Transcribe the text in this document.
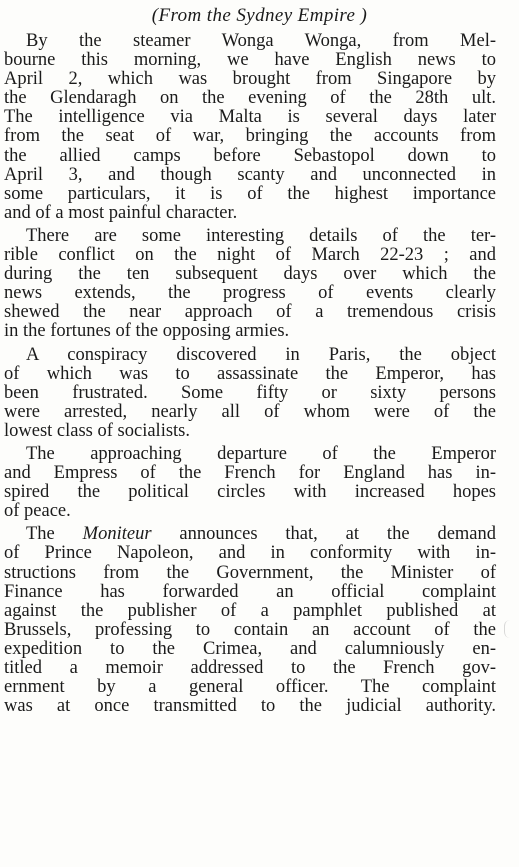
(From the Sydney Empire )
By the steamer Wonga Wonga, from Mel-
bourne this morning, we have English news to
April 2, which was brought from Singapore by
the Glendaragh on the evening of the 28th ult.
The intelligence via Malta is several days later
from the seat of war, bringing the accounts from
the allied camps before Sebastopol down to
April 3, and though scanty and unconnected in
some particulars, it is of the highest importance
and of a most painful character.
There are some interesting details of the ter-
rible conflict on the night of March 22-23 ; and
during the ten subsequent days over which the
news extends, the progress of events clearly
shewed the near approach of a tremendous crisis
in the fortunes of the opposing armies.
A conspiracy discovered in Paris, the object
of which was to assassinate the Emperor, has
been frustrated. Some fifty or sixty persons
were arrested, nearly all of whom were of the
lowest class of socialists.
The approaching departure of the Emperor
and Empress of the French for England has in-
spired the political circles with increased hopes
of peace.
The Moniteur announces that, at the demand
of Prince Napoleon, and in conformity with in-
structions from the Government, the Minister of
Finance has forwarded an official complaint
against the publisher of a pamphlet published at
Brussels, professing to contain an account of the
expedition to the Crimea, and calumniously en-
titled a memoir addressed to the French gov-
ernment by a general officer. The complaint
was at once transmitted to the judicial authority.
